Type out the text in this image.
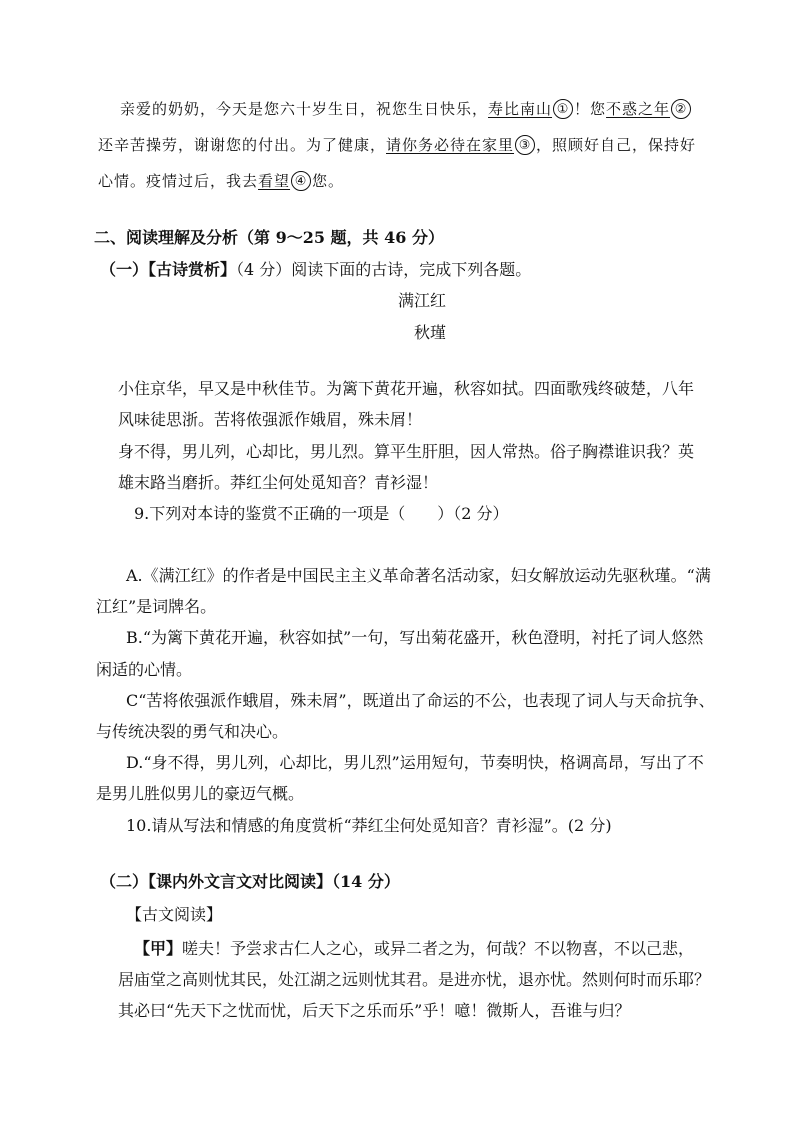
亲爱的奶奶，今天是您六十岁生日，祝您生日快乐，寿比南山 ① ！您不惑之年 ②
还辛苦操劳，谢谢您的付出。为了健康，请你务必待在家里 ③ ，照顾好自己，保持好
心情。疫情过后，我去看望 ④ 您。
二、阅读理解及分析（第 9～25 题，共 46 分）
（一）【古诗赏析】（4 分）阅读下面的古诗，完成下列各题。
满江红
秋瑾
小住京华，早又是中秋佳节。为篱下黄花开遍，秋容如拭。四面歌残终破楚，八年
风味徒思浙。苦将侬强派作娥眉，殊未屑！
身不得，男儿列，心却比，男儿烈。算平生肝胆，因人常热。俗子胸襟谁识我？英
雄末路当磨折。莽红尘何处觅知音？青衫湿！
9.下列对本诗的鉴赏不正确的一项是（　　）（2 分）
A.《满江红》的作者是中国民主主义革命著名活动家，妇女解放运动先驱秋瑾。“满
江红”是词牌名。
B.“为篱下黄花开遍，秋容如拭”一句，写出菊花盛开，秋色澄明，衬托了词人悠然
闲适的心情。
C“苦将侬强派作蛾眉，殊未屑”，既道出了命运的不公，也表现了词人与天命抗争、
与传统决裂的勇气和决心。
D.“身不得，男儿列，心却比，男儿烈”运用短句，节奏明快，格调高昂，写出了不
是男儿胜似男儿的豪迈气概。
10.请从写法和情感的角度赏析“莽红尘何处觅知音？青衫湿”。(2 分)
（二）【课内外文言文对比阅读】（14 分）
【古文阅读】
【甲】嗟夫！予尝求古仁人之心，或异二者之为，何哉？不以物喜，不以己悲，
居庙堂之高则忧其民，处江湖之远则忧其君。是进亦忧，退亦忧。然则何时而乐耶？
其必曰“先天下之忧而忧，后天下之乐而乐”乎！噫！微斯人，吾谁与归？
